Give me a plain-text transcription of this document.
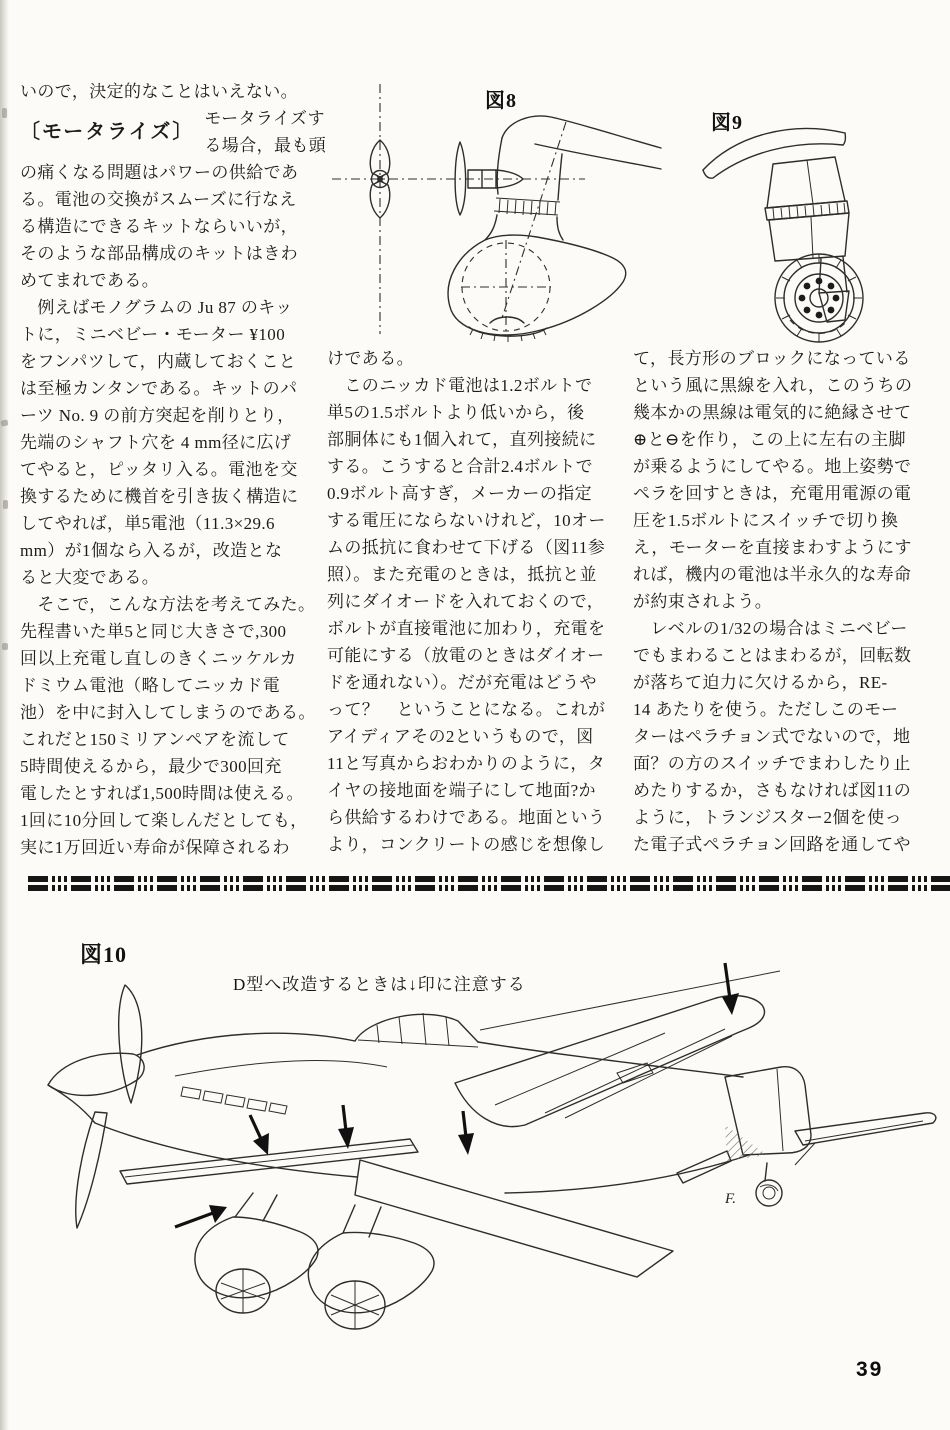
いので，決定的なことはいえない。
〔モータライズ〕
モータライズす
る場合，最も頭
の痛くなる問題はパワーの供給であ
る。電池の交換がスムーズに行なえ
る構造にできるキットならいいが，
そのような部品構成のキットはきわ
めてまれである。
　例えばモノグラムの Ju 87 のキッ
トに，ミニベビー・モーター ¥100
をフンパツして，内蔵しておくこと
は至極カンタンである。キットのパ
ーツ No. 9 の前方突起を削りとり，
先端のシャフト穴を 4 mm径に広げ
てやると，ピッタリ入る。電池を交
換するために機首を引き抜く構造に
してやれば，単5電池（11.3×29.6
mm）が1個なら入るが，改造とな
ると大変である。
　そこで，こんな方法を考えてみた。
先程書いた単5と同じ大きさで,300
回以上充電し直しのきくニッケルカ
ドミウム電池（略してニッカド電
池）を中に封入してしまうのである。
これだと150ミリアンペアを流して
5時間使えるから，最少で300回充
電したとすれば1,500時間は使える。
1回に10分回して楽しんだとしても，
実に1万回近い寿命が保障されるわ
けである。
　このニッカド電池は1.2ボルトで
単5の1.5ボルトより低いから，後
部胴体にも1個入れて，直列接続に
する。こうすると合計2.4ボルトで
0.9ボルト高すぎ，メーカーの指定
する電圧にならないけれど，10オー
ムの抵抗に食わせて下げる（図11参
照）。また充電のときは，抵抗と並
列にダイオードを入れておくので，
ボルトが直接電池に加わり，充電を
可能にする（放電のときはダイオー
ドを通れない）。だが充電はどうや
って？　ということになる。これが
アイディアその2というもので，図
11と写真からおわかりのように，タ
イヤの接地面を端子にして地面?か
ら供給するわけである。地面という
より，コンクリートの感じを想像し
て，長方形のブロックになっている
という風に黒線を入れ，このうちの
幾本かの黒線は電気的に絶縁させて
⊕と⊖を作り，この上に左右の主脚
が乗るようにしてやる。地上姿勢で
ペラを回すときは，充電用電源の電
圧を1.5ボルトにスイッチで切り換
え，モーターを直接まわすようにす
れば，機内の電池は半永久的な寿命
が約束されよう。
　レベルの1/32の場合はミニベビー
でもまわることはまわるが，回転数
が落ちて迫力に欠けるから，RE-
14 あたりを使う。ただしこのモー
ターはペラチョン式でないので，地
面？の方のスイッチでまわしたり止
めたりするか，さもなければ図11の
ように，トランジスター2個を使っ
た電子式ペラチョン回路を通してや
図8
図9
図10
D型へ改造するときは↓印に注意する
F.
39
